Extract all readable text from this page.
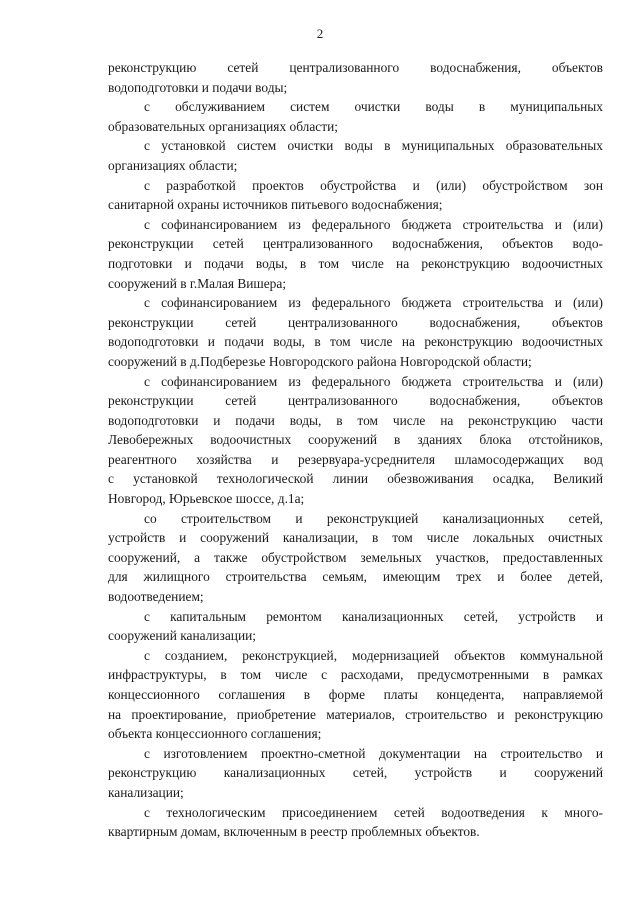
2
реконструкцию сетей централизованного водоснабжения, объектов
водоподготовки и подачи воды;
с обслуживанием систем очистки воды в муниципальных
образовательных организациях области;
с установкой систем очистки воды в муниципальных образовательных
организациях области;
с разработкой проектов обустройства и (или) обустройством зон
санитарной охраны источников питьевого водоснабжения;
с софинансированием из федерального бюджета строительства и (или)
реконструкции сетей централизованного водоснабжения, объектов водо-
подготовки и подачи воды, в том числе на реконструкцию водоочистных
сооружений в г.Малая Вишера;
с софинансированием из федерального бюджета строительства и (или)
реконструкции сетей централизованного водоснабжения, объектов
водоподготовки и подачи воды, в том числе на реконструкцию водоочистных
сооружений в д.Подберезье Новгородского района Новгородской области;
с софинансированием из федерального бюджета строительства и (или)
реконструкции сетей централизованного водоснабжения, объектов
водоподготовки и подачи воды, в том числе на реконструкцию части
Левобережных водоочистных сооружений в зданиях блока отстойников,
реагентного хозяйства и резервуара-усреднителя шламосодержащих вод
с установкой технологической линии обезвоживания осадка, Великий
Новгород, Юрьевское шоссе, д.1а;
со строительством и реконструкцией канализационных сетей,
устройств и сооружений канализации, в том числе локальных очистных
сооружений, а также обустройством земельных участков, предоставленных
для жилищного строительства семьям, имеющим трех и более детей,
водоотведением;
с капитальным ремонтом канализационных сетей, устройств и
сооружений канализации;
с созданием, реконструкцией, модернизацией объектов коммунальной
инфраструктуры, в том числе с расходами, предусмотренными в рамках
концессионного соглашения в форме платы концедента, направляемой
на проектирование, приобретение материалов, строительство и реконструкцию
объекта концессионного соглашения;
с изготовлением проектно-сметной документации на строительство и
реконструкцию канализационных сетей, устройств и сооружений
канализации;
с технологическим присоединением сетей водоотведения к много-
квартирным домам, включенным в реестр проблемных объектов.
